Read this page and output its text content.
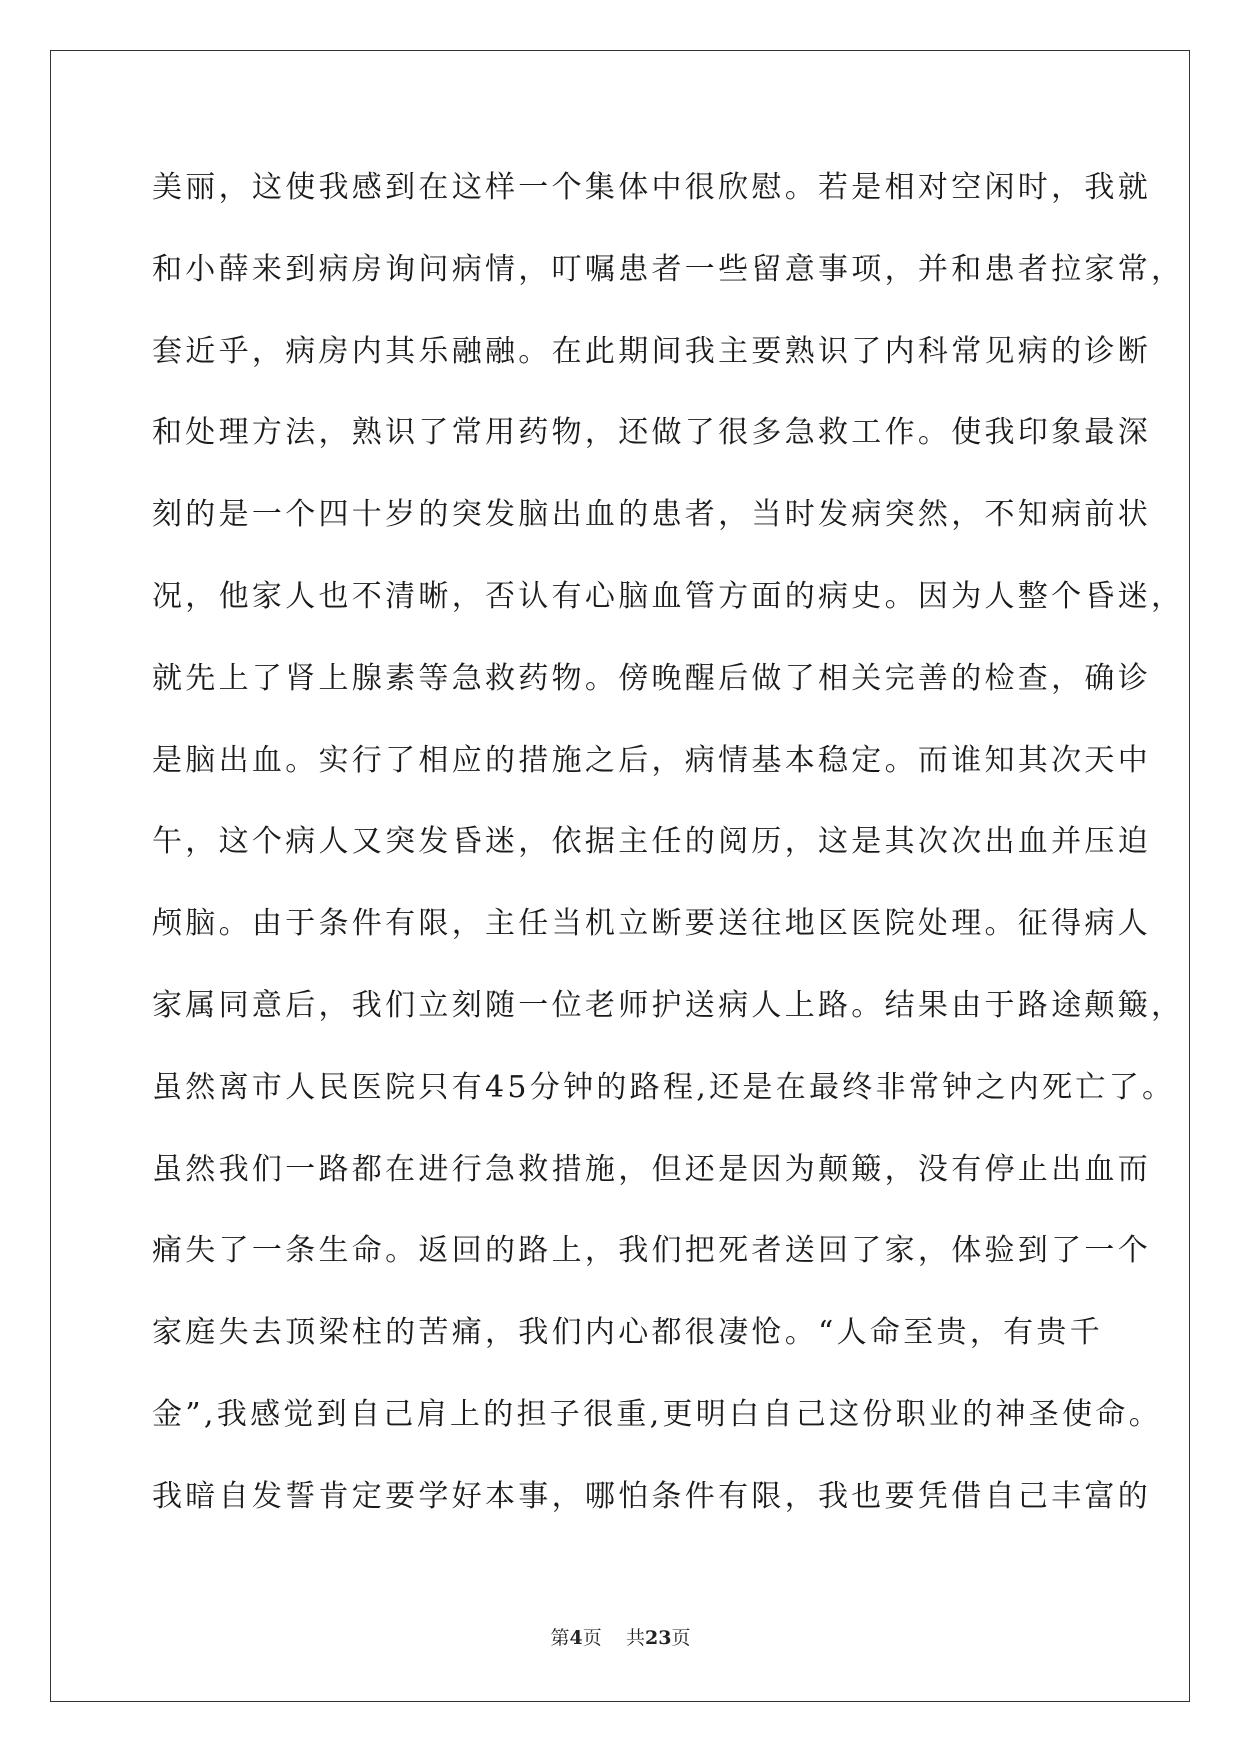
美丽，这使我感到在这样一个集体中很欣慰。若是相对空闲时，我就
和小薛来到病房询问病情，叮嘱患者一些留意事项，并和患者拉家常，
套近乎，病房内其乐融融。在此期间我主要熟识了内科常见病的诊断
和处理方法，熟识了常用药物，还做了很多急救工作。使我印象最深
刻的是一个四十岁的突发脑出血的患者，当时发病突然，不知病前状
况，他家人也不清晰，否认有心脑血管方面的病史。因为人整个昏迷，
就先上了肾上腺素等急救药物。傍晚醒后做了相关完善的检查，确诊
是脑出血。实行了相应的措施之后，病情基本稳定。而谁知其次天中
午，这个病人又突发昏迷，依据主任的阅历，这是其次次出血并压迫
颅脑。由于条件有限，主任当机立断要送往地区医院处理。征得病人
家属同意后，我们立刻随一位老师护送病人上路。结果由于路途颠簸，
虽然离市人民医院只有45分钟的路程,还是在最终非常钟之内死亡了。
虽然我们一路都在进行急救措施，但还是因为颠簸，没有停止出血而
痛失了一条生命。返回的路上，我们把死者送回了家，体验到了一个
家庭失去顶梁柱的苦痛，我们内心都很凄怆。“人命至贵，有贵千
金”,我感觉到自己肩上的担子很重,更明白自己这份职业的神圣使命。
我暗自发誓肯定要学好本事，哪怕条件有限，我也要凭借自己丰富的
第4页 共23页
